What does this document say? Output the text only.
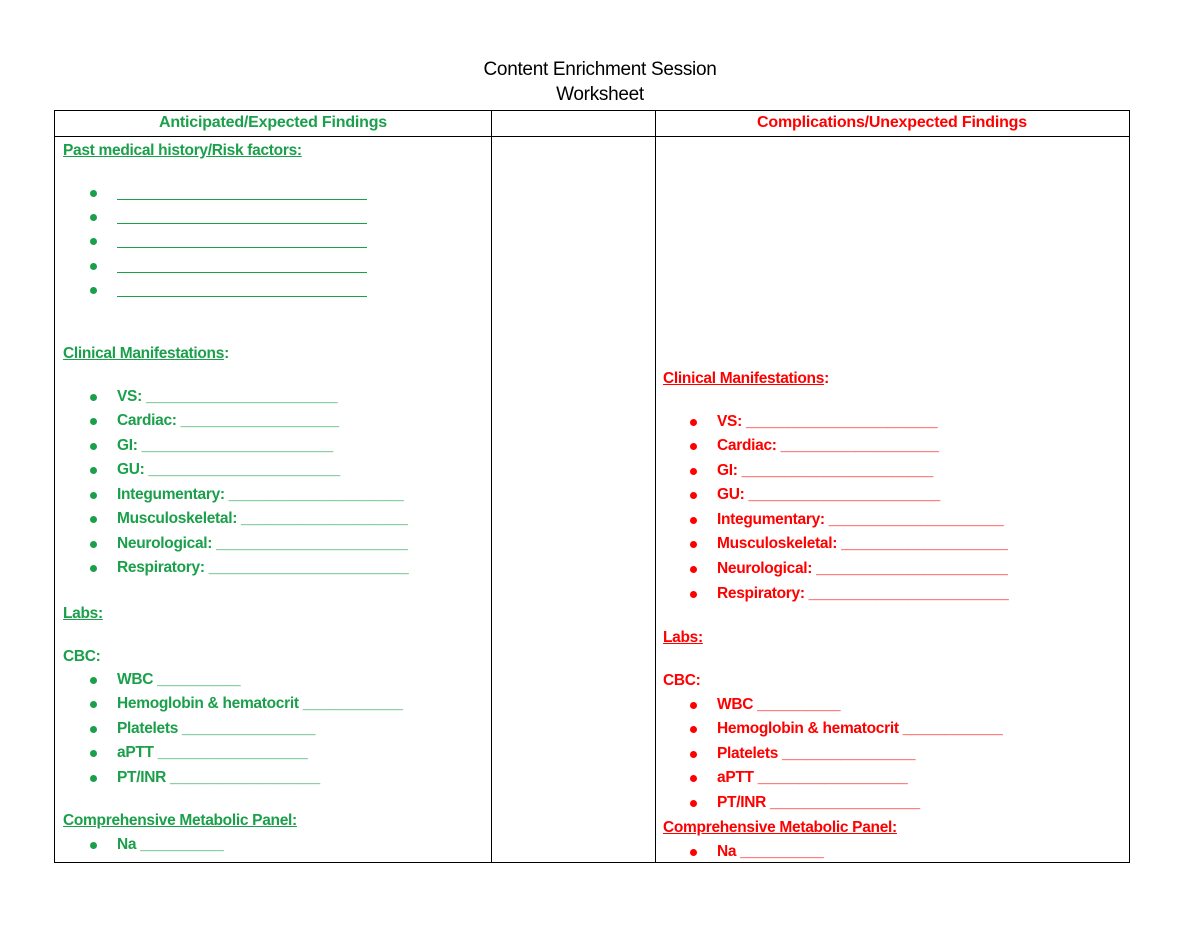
Content Enrichment Session
Worksheet
Anticipated/Expected Findings	Complications/Unexpected Findings
Past medical history/Risk factors:
Clinical Manifestations:
VS: _______________________
Cardiac: ___________________
GI: _______________________
GU: _______________________
Integumentary: _____________________
Musculoskeletal: ____________________
Neurological: _______________________
Respiratory: ________________________
Labs:
CBC:
WBC __________
Hemoglobin & hematocrit ____________
Platelets ________________
aPTT __________________
PT/INR __________________
Comprehensive Metabolic Panel:
Na __________
Clinical Manifestations:
VS: _______________________
Cardiac: ___________________
GI: _______________________
GU: _______________________
Integumentary: _____________________
Musculoskeletal: ____________________
Neurological: _______________________
Respiratory: ________________________
Labs:
CBC:
WBC __________
Hemoglobin & hematocrit ____________
Platelets ________________
aPTT __________________
PT/INR __________________
Comprehensive Metabolic Panel:
Na __________
